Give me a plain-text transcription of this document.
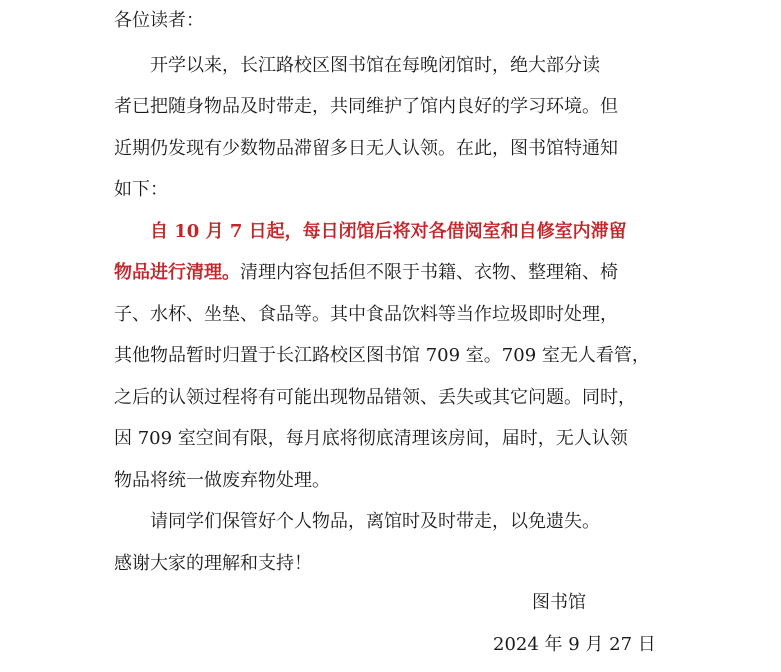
各位读者：
开学以来，长江路校区图书馆在每晚闭馆时，绝大部分读
者已把随身物品及时带走，共同维护了馆内良好的学习环境。但
近期仍发现有少数物品滞留多日无人认领。在此，图书馆特通知
如下：
自 10 月 7 日起，每日闭馆后将对各借阅室和自修室内滞留
物品进行清理。清理内容包括但不限于书籍、衣物、整理箱、椅
子、水杯、坐垫、食品等。其中食品饮料等当作垃圾即时处理，
其他物品暂时归置于长江路校区图书馆 709 室。709 室无人看管，
之后的认领过程将有可能出现物品错领、丢失或其它问题。同时，
因 709 室空间有限，每月底将彻底清理该房间，届时，无人认领
物品将统一做废弃物处理。
请同学们保管好个人物品，离馆时及时带走，以免遗失。
感谢大家的理解和支持！
图书馆
2024 年 9 月 27 日
